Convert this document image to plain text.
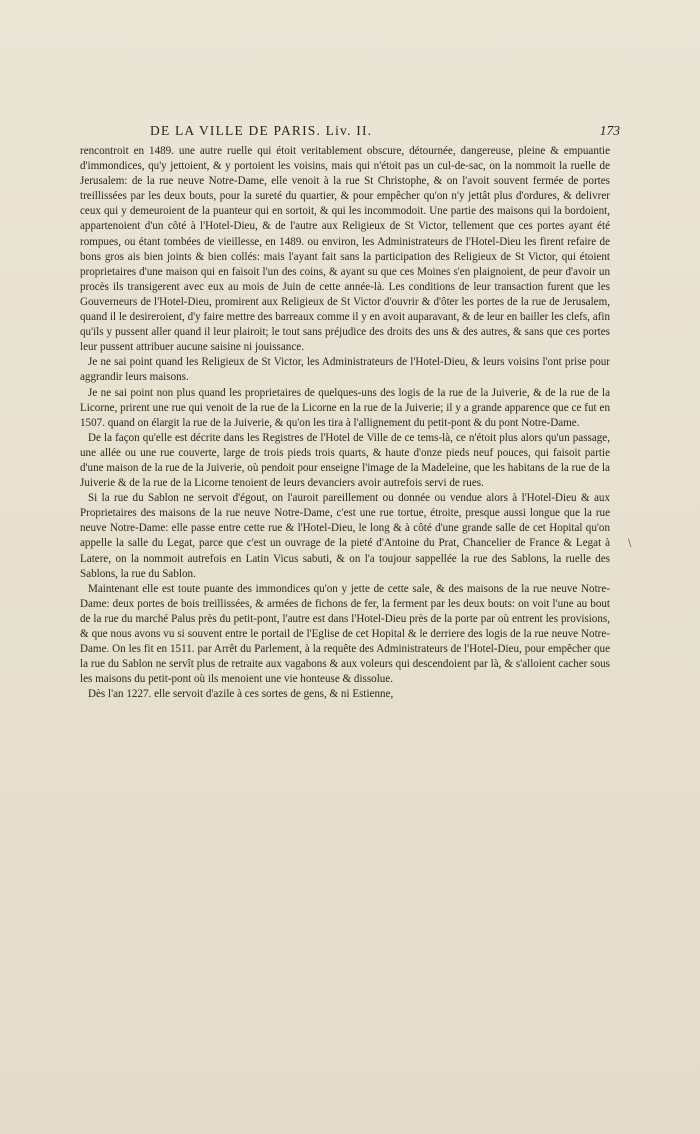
DE LA VILLE DE PARIS. Liv. II.	173

rencontroit en 1489. une autre ruelle qui étoit veritablement obscure, détournée, dangereuse, pleine & empuantie d'immondices, qu'y jettoient, & y portoient les voisins, mais qui n'étoit pas un cul-de-sac, on la nommoit la ruelle de Jerusalem: de la rue neuve Notre-Dame, elle venoit à la rue St Christophe, & on l'avoit souvent fermée de portes treillissées par les deux bouts, pour la sureté du quartier, & pour empêcher qu'on n'y jettât plus d'ordures, & delivrer ceux qui y demeuroient de la puanteur qui en sortoit, & qui les incommodoit. Une partie des maisons qui la bordoient, appartenoient d'un côté à l'Hotel-Dieu, & de l'autre aux Religieux de St Victor, tellement que ces portes ayant été rompues, ou étant tombées de vieillesse, en 1489. ou environ, les Administrateurs de l'Hotel-Dieu les firent refaire de bons gros ais bien joints & bien collés: mais l'ayant fait sans la participation des Religieux de St Victor, qui étoient proprietaires d'une maison qui en faisoit l'un des coins, & ayant su que ces Moines s'en plaignoient, de peur d'avoir un procès ils transigerent avec eux au mois de Juin de cette année-là. Les conditions de leur transaction furent que les Gouverneurs de l'Hotel-Dieu, promirent aux Religieux de St Victor d'ouvrir & d'ôter les portes de la rue de Jerusalem, quand il le desireroient, d'y faire mettre des barreaux comme il y en avoit auparavant, & de leur en bailler les clefs, afin qu'ils y pussent aller quand il leur plairoit; le tout sans préjudice des droits des uns & des autres, & sans que ces portes leur pussent attribuer aucune saisine ni jouissance.

Je ne sai point quand les Religieux de St Victor, les Administrateurs de l'Hotel-Dieu, & leurs voisins l'ont prise pour aggrandir leurs maisons.

Je ne sai point non plus quand les proprietaires de quelques-uns des logis de la rue de la Juiverie, & de la rue de la Licorne, prirent une rue qui venoit de la rue de la Licorne en la rue de la Juiverie; il y a grande apparence que ce fut en 1507. quand on élargit la rue de la Juiverie, & qu'on les tira à l'allignement du petit-pont & du pont Notre-Dame.

De la façon qu'elle est décrite dans les Registres de l'Hotel de Ville de ce tems-là, ce n'étoit plus alors qu'un passage, une allée ou une rue couverte, large de trois pieds trois quarts, & haute d'onze pieds neuf pouces, qui faisoit partie d'une maison de la rue de la Juiverie, où pendoit pour enseigne l'image de la Madeleine, que les habitans de la rue de la Juiverie & de la rue de la Licorne tenoient de leurs devanciers avoir autrefois servi de rues.

Si la rue du Sablon ne servoit d'égout, on l'auroit pareillement ou donnée ou vendue alors à l'Hotel-Dieu & aux Proprietaires des maisons de la rue neuve Notre-Dame, c'est une rue tortue, étroite, presque aussi longue que la rue neuve Notre-Dame: elle passe entre cette rue & l'Hotel-Dieu, le long & à côté d'une grande salle de cet Hopital qu'on appelle la salle du Legat, parce que c'est un ouvrage de la pieté d'Antoine du Prat, Chancelier de France & Legat à Latere, on la nommoit autrefois en Latin Vicus sabuti, & on l'a toujour sappellée la rue des Sablons, la ruelle des Sablons, la rue du Sablon.

Maintenant elle est toute puante des immondices qu'on y jette de cette sale, & des maisons de la rue neuve Notre-Dame: deux portes de bois treillissées, & armées de fichons de fer, la ferment par les deux bouts: on voit l'une au bout de la rue du marché Palus près du petit-pont, l'autre est dans l'Hotel-Dieu près de la porte par où entrent les provisions, & que nous avons vu si souvent entre le portail de l'Eglise de cet Hopital & le derriere des logis de la rue neuve Notre-Dame. On les fit en 1511. par Arrêt du Parlement, à la requête des Administrateurs de l'Hotel-Dieu, pour empêcher que la rue du Sablon ne servît plus de retraite aux vagabons & aux voleurs qui descendoient par là, & s'alloient cacher sous les maisons du petit-pont où ils menoient une vie honteuse & dissolue.

Dès l'an 1227. elle servoit d'azile à ces sortes de gens, & ni Estienne,

\
